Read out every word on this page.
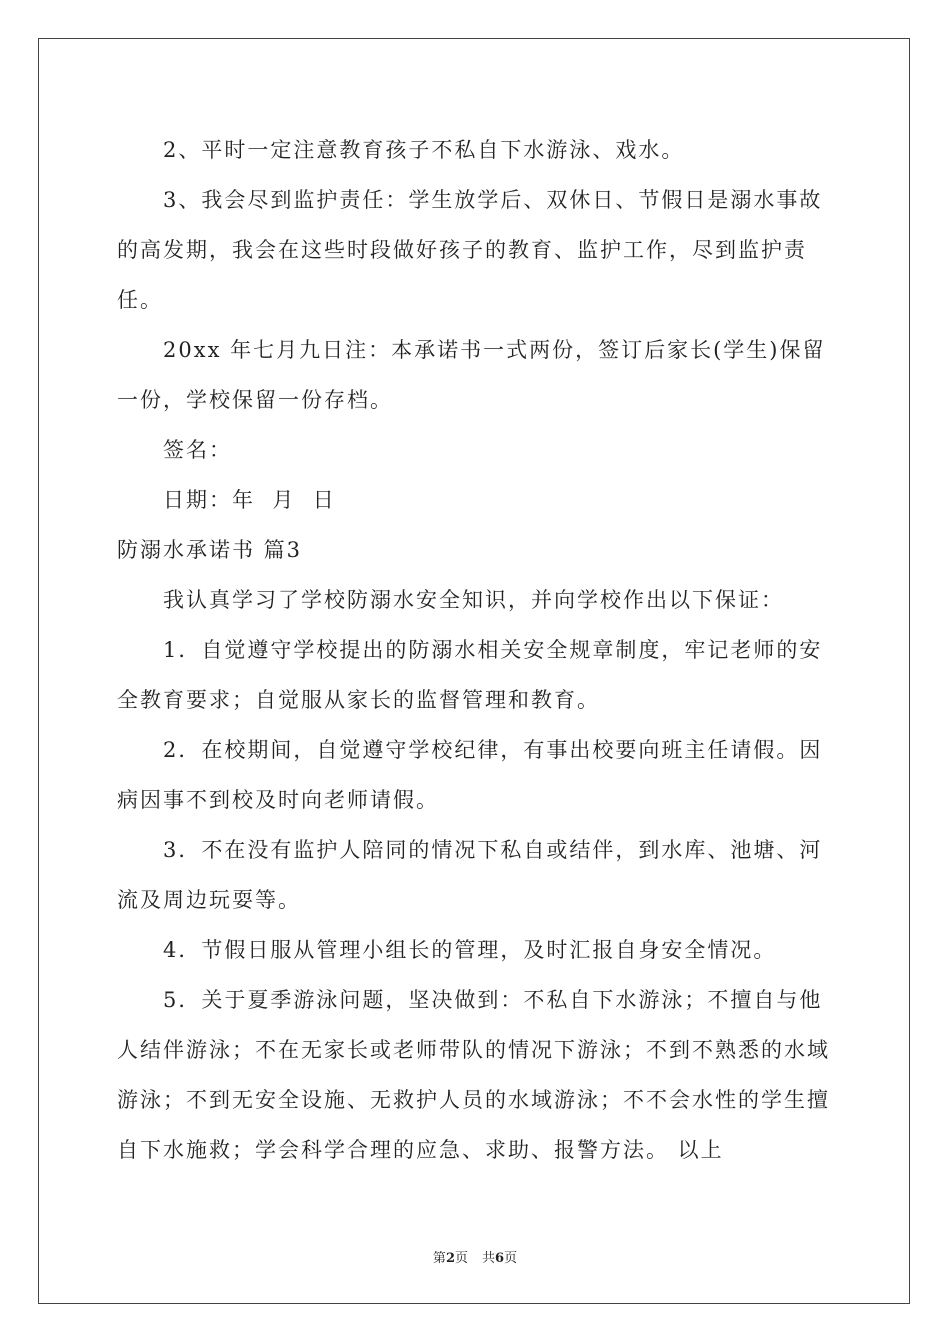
2、平时一定注意教育孩子不私自下水游泳、戏水。

3、我会尽到监护责任：学生放学后、双休日、节假日是溺水事故的高发期，我会在这些时段做好孩子的教育、监护工作，尽到监护责任。

20xx 年七月九日注：本承诺书一式两份，签订后家长(学生)保留一份，学校保留一份存档。

签名：

日期：年  月  日

防溺水承诺书 篇3

我认真学习了学校防溺水安全知识，并向学校作出以下保证：

1．自觉遵守学校提出的防溺水相关安全规章制度，牢记老师的安全教育要求；自觉服从家长的监督管理和教育。

2．在校期间，自觉遵守学校纪律，有事出校要向班主任请假。因病因事不到校及时向老师请假。

3．不在没有监护人陪同的情况下私自或结伴，到水库、池塘、河流及周边玩耍等。

4．节假日服从管理小组长的管理，及时汇报自身安全情况。

5．关于夏季游泳问题，坚决做到：不私自下水游泳；不擅自与他人结伴游泳；不在无家长或老师带队的情况下游泳；不到不熟悉的水域游泳；不到无安全设施、无救护人员的水域游泳；不不会水性的学生擅自下水施救；学会科学合理的应急、求助、报警方法。 以上

第2页 共6页
